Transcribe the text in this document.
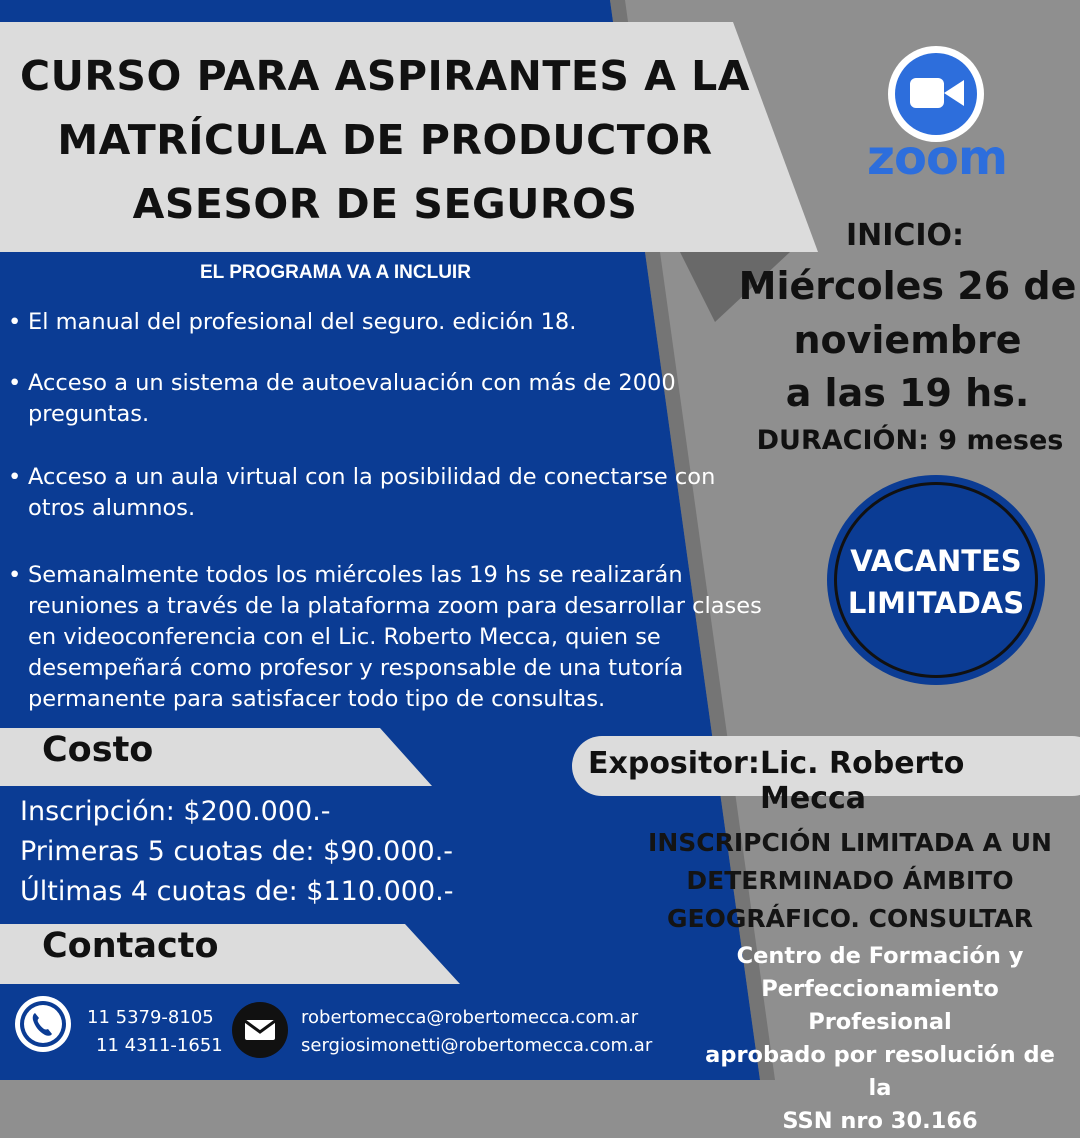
CURSO PARA ASPIRANTES A LA
MATRÍCULA DE PRODUCTOR
ASESOR DE SEGUROS
EL PROGRAMA VA A INCLUIR
• El manual del profesional del seguro. edición 18.
• Acceso a un sistema de autoevaluación con más de 2000 preguntas.
• Acceso a un aula virtual con la posibilidad de conectarse con otros alumnos.
• Semanalmente todos los miércoles las 19 hs se realizarán reuniones a través de la plataforma zoom para desarrollar clases en videoconferencia con el Lic. Roberto Mecca, quien se desempeñará como profesor y responsable de una tutoría permanente para satisfacer todo tipo de consultas.
Costo
Inscripción: $200.000.-
Primeras 5 cuotas de: $90.000.-
Últimas 4 cuotas de: $110.000.-
Contacto
11 5379-8105
11 4311-1651
robertomecca@robertomecca.com.ar
sergiosimonetti@robertomecca.com.ar
zoom
INICIO:
Miércoles 26 de
noviembre
a las 19 hs.
DURACIÓN: 9 meses
VACANTES
LIMITADAS
Expositor: Lic. Roberto Mecca
INSCRIPCIÓN LIMITADA A UN
DETERMINADO ÁMBITO
GEOGRÁFICO. CONSULTAR
Centro de Formación y
Perfeccionamiento Profesional
aprobado por resolución de la
SSN nro 30.166
